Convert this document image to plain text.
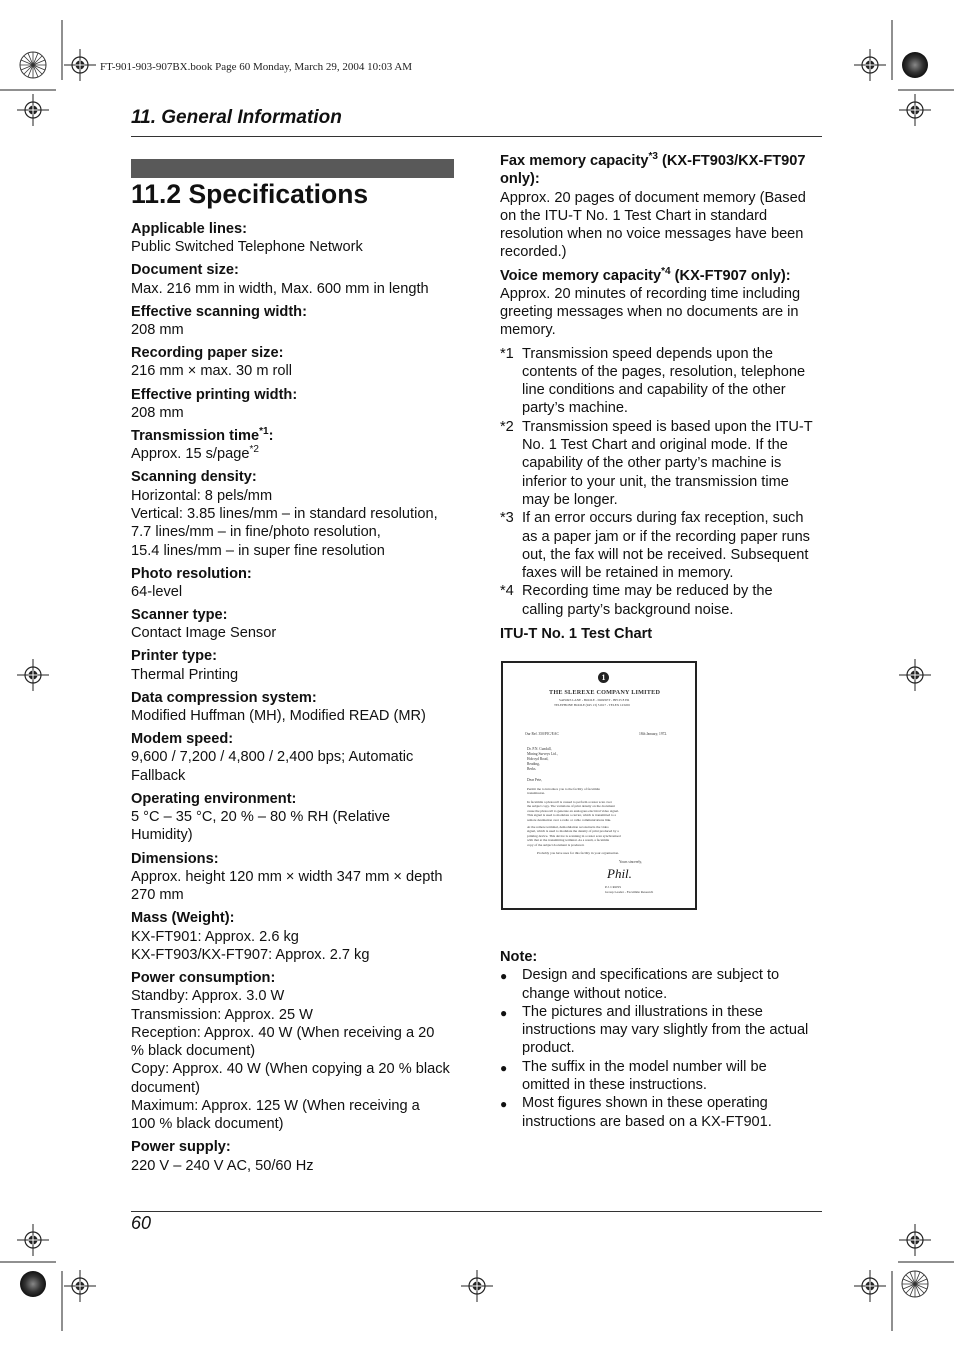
FT-901-903-907BX.book Page 60 Monday, March 29, 2004 10:03 AM
11. General Information
11.2 Specifications
Applicable lines:
Public Switched Telephone Network
Document size:
Max. 216 mm in width, Max. 600 mm in length
Effective scanning width:
208 mm
Recording paper size:
216 mm × max. 30 m roll
Effective printing width:
208 mm
Transmission time$^{*1}$:
Approx. 15 s/page$^{*2}$
Scanning density:
Horizontal: 8 pels/mm
Vertical: 3.85 lines/mm – in standard resolution,
7.7 lines/mm – in fine/photo resolution,
15.4 lines/mm – in super fine resolution
Photo resolution:
64-level
Scanner type:
Contact Image Sensor
Printer type:
Thermal Printing
Data compression system:
Modified Huffman (MH), Modified READ (MR)
Modem speed:
9,600 / 7,200 / 4,800 / 2,400 bps; Automatic
Fallback
Operating environment:
5 °C – 35 °C, 20 % – 80 % RH (Relative
Humidity)
Dimensions:
Approx. height 120 mm × width 347 mm × depth
270 mm
Mass (Weight):
KX-FT901: Approx. 2.6 kg
KX-FT903/KX-FT907: Approx. 2.7 kg
Power consumption:
Standby: Approx. 3.0 W
Transmission: Approx. 25 W
Reception: Approx. 40 W (When receiving a 20
% black document)
Copy: Approx. 40 W (When copying a 20 % black
document)
Maximum: Approx. 125 W (When receiving a
100 % black document)
Power supply:
220 V – 240 V AC, 50/60 Hz
Fax memory capacity$^{*3}$ (KX-FT903/KX-FT907
only):
Approx. 20 pages of document memory (Based
on the ITU-T No. 1 Test Chart in standard
resolution when no voice messages have been
recorded.)
Voice memory capacity$^{*4}$ (KX-FT907 only):
Approx. 20 minutes of recording time including
greeting messages when no documents are in
memory.
*1 Transmission speed depends upon the
contents of the pages, resolution, telephone
line conditions and capability of the other
party’s machine.
*2 Transmission speed is based upon the ITU-T
No. 1 Test Chart and original mode. If the
capability of the other party’s machine is
inferior to your unit, the transmission time
may be longer.
*3 If an error occurs during fax reception, such
as a paper jam or if the recording paper runs
out, the fax will not be received. Subsequent
faxes will be retained in memory.
*4 Recording time may be reduced by the
calling party’s background noise.
ITU-T No. 1 Test Chart
1
THE SLEREXE COMPANY LIMITED
SAPORS LANE - BOOLE - DORSET - BH 25 8 ER
TELEPHONE BOOLE (945 13) 51617 - TELEX 123456
Our Ref. 350/PJC/EAC	18th January, 1972.
Dr. P.N. Cundall,
Mining Surveys Ltd.,
Holroyd Road,
Reading,
Berks.
Dear Pete,
Permit me to introduce you to the facility of facsimile
transmission.
In facsimile a photocell is caused to perform a raster scan over
the subject copy. The variations of print density on the document
cause the photocell to generate an analogous electrical video signal.
This signal is used to modulate a carrier, which is transmitted to a
remote destination over a radio or cable communications link.
At the remote terminal, demodulation reconstructs the video
signal, which is used to modulate the density of print produced by a
printing device. This device is scanning in a raster scan synchronised
with that at the transmitting terminal. As a result, a facsimile
copy of the subject document is produced.
Probably you have uses for this facility in your organisation.
Yours sincerely,
Phil.
P.J. CROSS
Group Leader - Facsimile Research
Note:
●	Design and specifications are subject to
change without notice.
●	The pictures and illustrations in these
instructions may vary slightly from the actual
product.
●	The suffix in the model number will be
omitted in these instructions.
●	Most figures shown in these operating
instructions are based on a KX-FT901.
60
